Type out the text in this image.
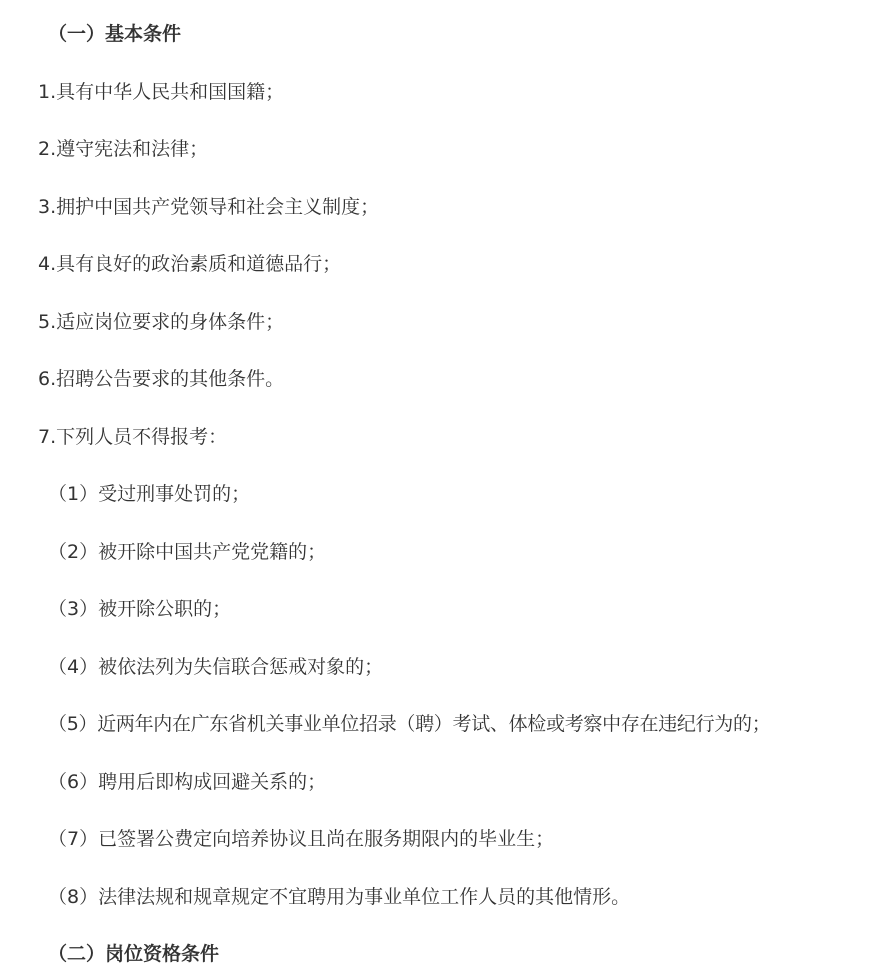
（一）基本条件
1.具有中华人民共和国国籍；
2.遵守宪法和法律；
3.拥护中国共产党领导和社会主义制度；
4.具有良好的政治素质和道德品行；
5.适应岗位要求的身体条件；
6.招聘公告要求的其他条件。
7.下列人员不得报考：
（1）受过刑事处罚的；
（2）被开除中国共产党党籍的；
（3）被开除公职的；
（4）被依法列为失信联合惩戒对象的；
（5）近两年内在广东省机关事业单位招录（聘）考试、体检或考察中存在违纪行为的；
（6）聘用后即构成回避关系的；
（7）已签署公费定向培养协议且尚在服务期限内的毕业生；
（8）法律法规和规章规定不宜聘用为事业单位工作人员的其他情形。
（二）岗位资格条件
